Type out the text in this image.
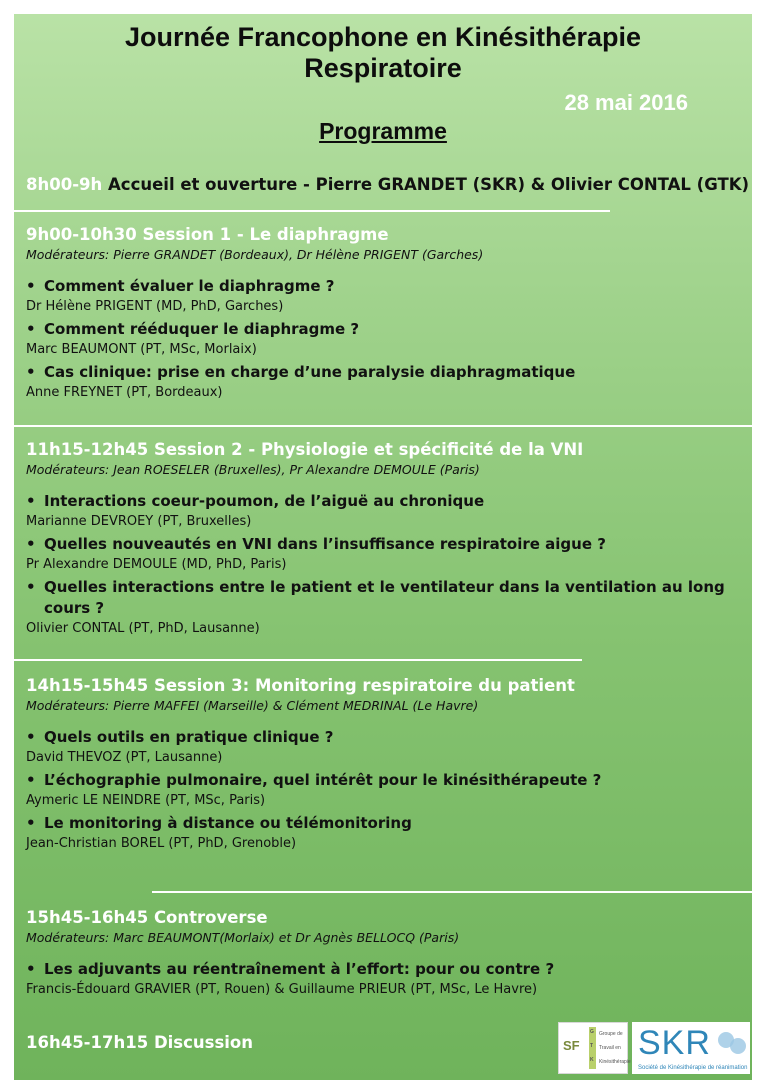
Journée Francophone en Kinésithérapie
Respiratoire
28 mai 2016
Programme
8h00-9h Accueil et ouverture - Pierre GRANDET (SKR) & Olivier CONTAL (GTK)
9h00-10h30 Session 1 - Le diaphragme
Modérateurs: Pierre GRANDET (Bordeaux), Dr Hélène PRIGENT (Garches)
• Comment évaluer le diaphragme ?
Dr Hélène PRIGENT (MD, PhD, Garches)
• Comment rééduquer le diaphragme ?
Marc BEAUMONT (PT, MSc, Morlaix)
• Cas clinique: prise en charge d’une paralysie diaphragmatique
Anne FREYNET (PT, Bordeaux)
11h15-12h45 Session 2 - Physiologie et spécificité de la VNI
Modérateurs: Jean ROESELER (Bruxelles), Pr Alexandre DEMOULE (Paris)
• Interactions coeur-poumon, de l’aiguë au chronique
Marianne DEVROEY (PT, Bruxelles)
• Quelles nouveautés en VNI dans l’insuffisance respiratoire aigue ?
Pr Alexandre DEMOULE (MD, PhD, Paris)
• Quelles interactions entre le patient et le ventilateur dans la ventilation au long cours ?
Olivier CONTAL (PT, PhD, Lausanne)
14h15-15h45 Session 3: Monitoring respiratoire du patient
Modérateurs: Pierre MAFFEI (Marseille) & Clément MEDRINAL (Le Havre)
• Quels outils en pratique clinique ?
David THEVOZ (PT, Lausanne)
• L’échographie pulmonaire, quel intérêt pour le kinésithérapeute ?
Aymeric LE NEINDRE (PT, MSc, Paris)
• Le monitoring à distance ou télémonitoring
Jean-Christian BOREL (PT, PhD, Grenoble)
15h45-16h45 Controverse
Modérateurs: Marc BEAUMONT(Morlaix) et Dr Agnès BELLOCQ (Paris)
• Les adjuvants au réentraînement à l’effort: pour ou contre ?
Francis-Édouard GRAVIER (PT, Rouen) & Guillaume PRIEUR (PT, MSc, Le Havre)
16h45-17h15 Discussion	SF
G
T
K
Groupe de
Travail en
Kinésithérapie SKR
Société de Kinésithérapie de réanimation
